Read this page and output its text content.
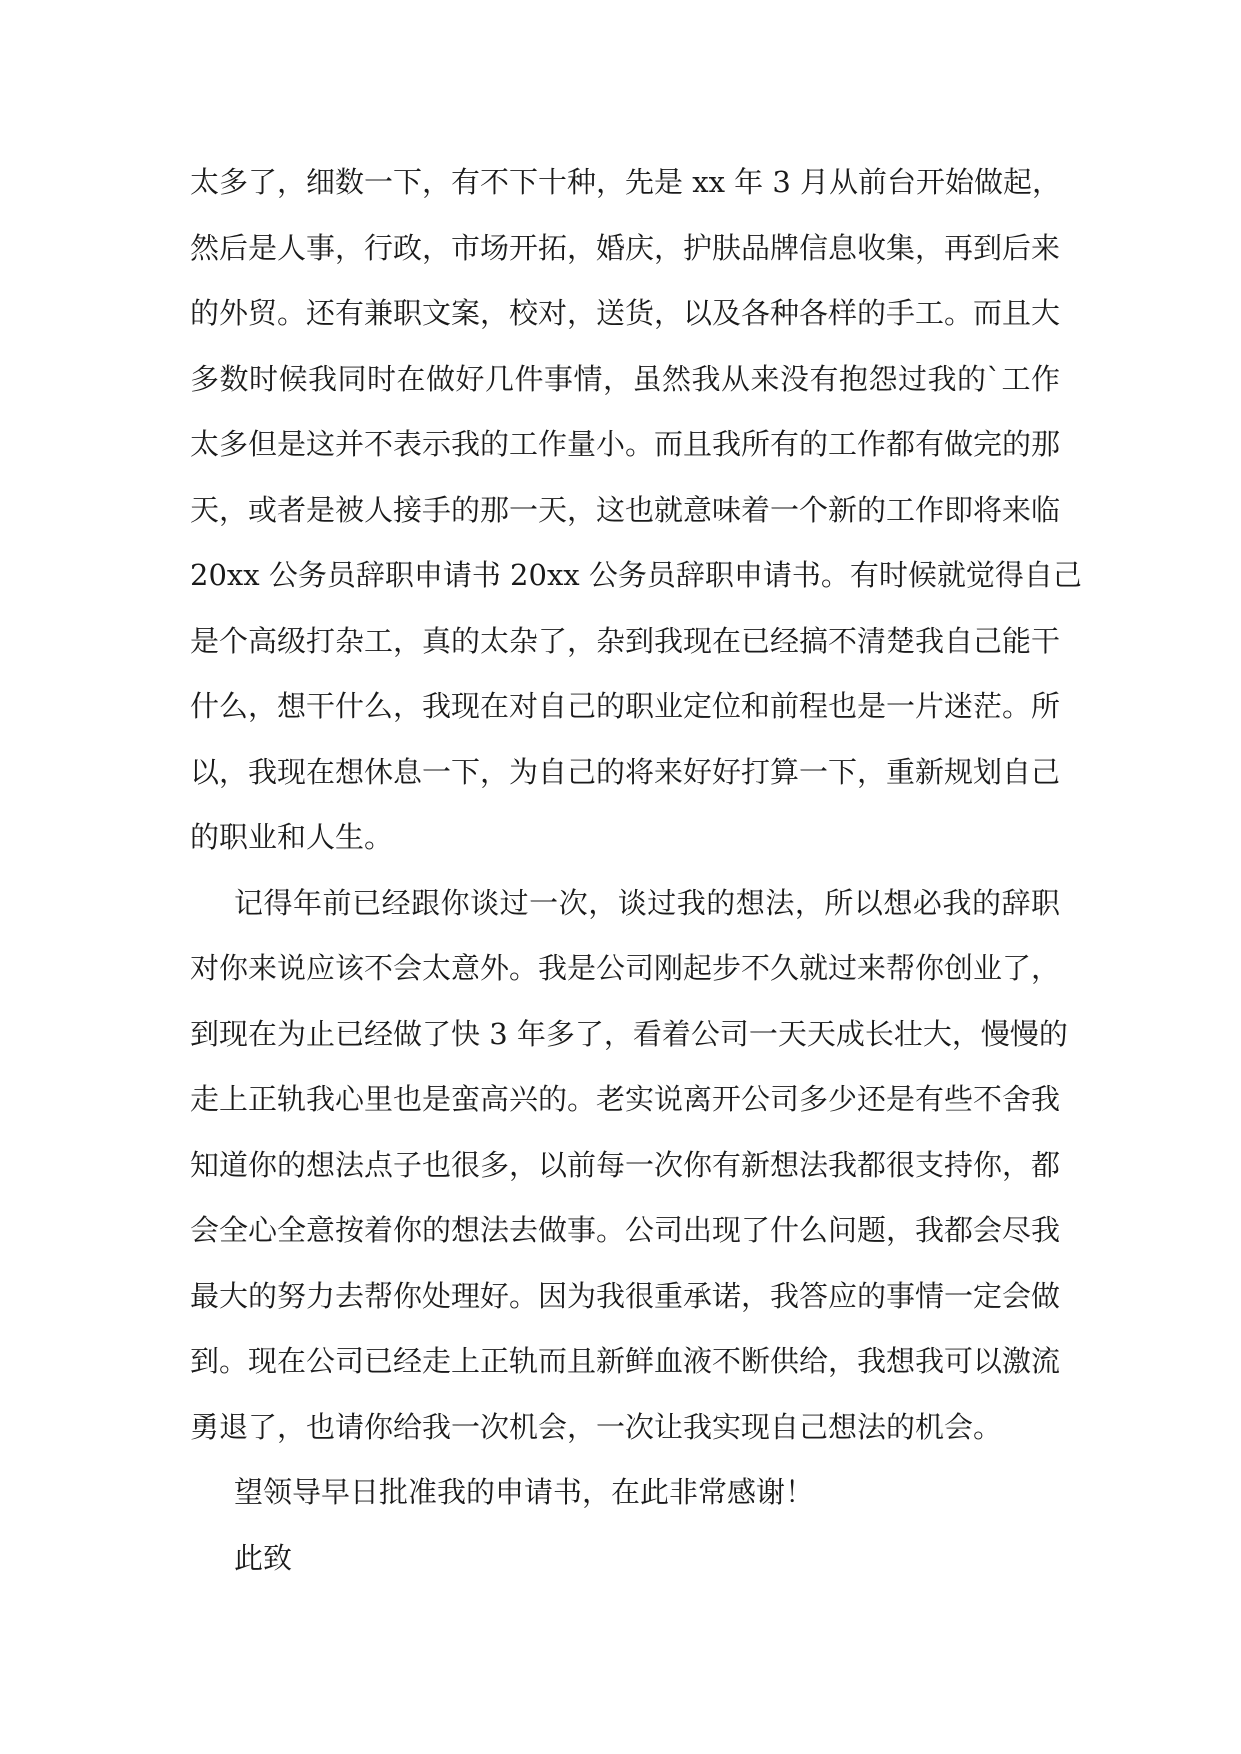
太多了，细数一下，有不下十种，先是 xx 年 3 月从前台开始做起，
然后是人事，行政，市场开拓，婚庆，护肤品牌信息收集，再到后来
的外贸。还有兼职文案，校对，送货，以及各种各样的手工。而且大
多数时候我同时在做好几件事情，虽然我从来没有抱怨过我的`工作
太多但是这并不表示我的工作量小。而且我所有的工作都有做完的那
天，或者是被人接手的那一天，这也就意味着一个新的工作即将来临
20xx 公务员辞职申请书 20xx 公务员辞职申请书。有时候就觉得自己
是个高级打杂工，真的太杂了，杂到我现在已经搞不清楚我自己能干
什么，想干什么，我现在对自己的职业定位和前程也是一片迷茫。所
以，我现在想休息一下，为自己的将来好好打算一下，重新规划自己
的职业和人生。
记得年前已经跟你谈过一次，谈过我的想法，所以想必我的辞职
对你来说应该不会太意外。我是公司刚起步不久就过来帮你创业了，
到现在为止已经做了快 3 年多了，看着公司一天天成长壮大，慢慢的
走上正轨我心里也是蛮高兴的。老实说离开公司多少还是有些不舍我
知道你的想法点子也很多，以前每一次你有新想法我都很支持你，都
会全心全意按着你的想法去做事。公司出现了什么问题，我都会尽我
最大的努力去帮你处理好。因为我很重承诺，我答应的事情一定会做
到。现在公司已经走上正轨而且新鲜血液不断供给，我想我可以激流
勇退了，也请你给我一次机会，一次让我实现自己想法的机会。
望领导早日批准我的申请书，在此非常感谢！
此致
